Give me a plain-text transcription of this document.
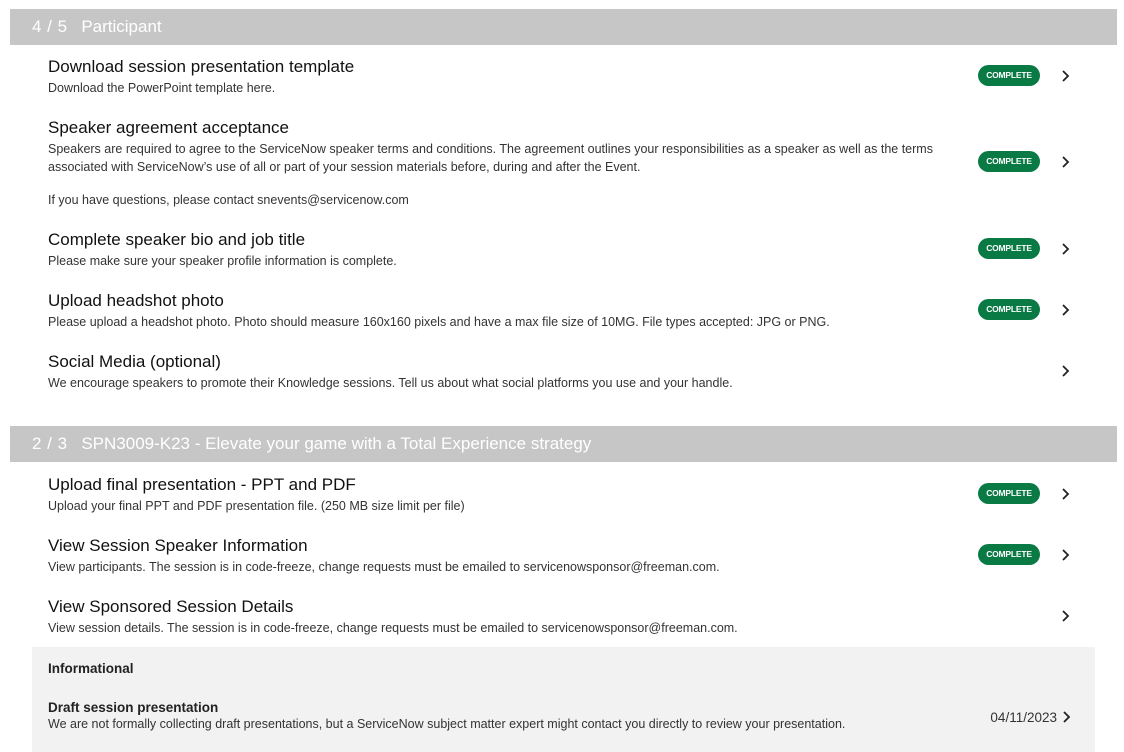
4 / 5 Participant
Download session presentation template
Download the PowerPoint template here.
COMPLETE
Speaker agreement acceptance
Speakers are required to agree to the ServiceNow speaker terms and conditions. The agreement outlines your responsibilities as a speaker as well as the terms associated with ServiceNow’s use of all or part of your session materials before, during and after the Event.
If you have questions, please contact snevents@servicenow.com
COMPLETE
Complete speaker bio and job title
Please make sure your speaker profile information is complete.
COMPLETE
Upload headshot photo
Please upload a headshot photo. Photo should measure 160x160 pixels and have a max file size of 10MG. File types accepted: JPG or PNG.
COMPLETE
Social Media (optional)
We encourage speakers to promote their Knowledge sessions. Tell us about what social platforms you use and your handle.
2 / 3 SPN3009-K23 - Elevate your game with a Total Experience strategy
Upload final presentation - PPT and PDF
Upload your final PPT and PDF presentation file. (250 MB size limit per file)
COMPLETE
View Session Speaker Information
View participants. The session is in code-freeze, change requests must be emailed to servicenowsponsor@freeman.com.
COMPLETE
View Sponsored Session Details
View session details. The session is in code-freeze, change requests must be emailed to servicenowsponsor@freeman.com.
Informational
Draft session presentation
We are not formally collecting draft presentations, but a ServiceNow subject matter expert might contact you directly to review your presentation.	04/11/2023
